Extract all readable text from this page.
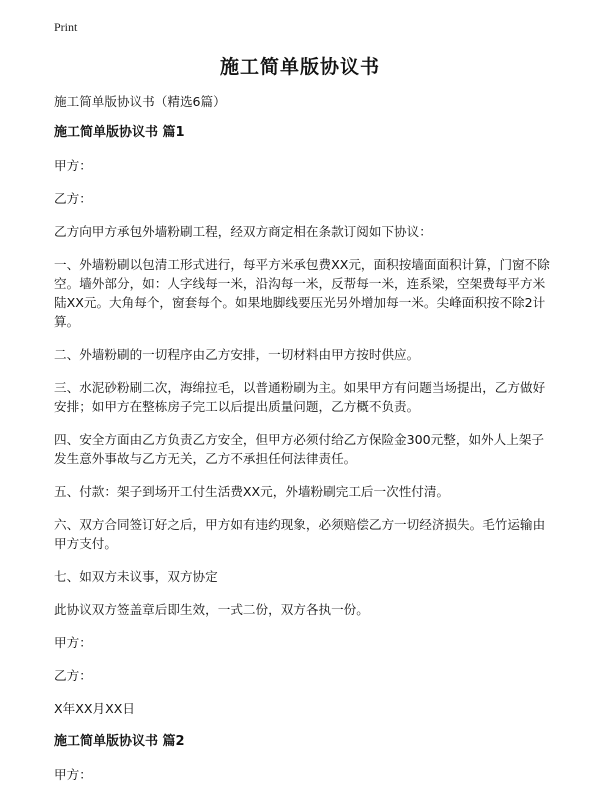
Print
施工简单版协议书

施工简单版协议书（精选6篇）

施工简单版协议书 篇1

甲方：

乙方：

乙方向甲方承包外墙粉刷工程，经双方商定相在条款订阅如下协议：

一、外墙粉刷以包清工形式进行，每平方米承包费XX元，面积按墙面面积计算，门窗不除空。墙外部分，如：人字线每一米，沿沟每一米，反帮每一米，连系梁，空架费每平方米陆XX元。大角每个，窗套每个。如果地脚线要压光另外增加每一米。尖峰面积按不除2计算。

二、外墙粉刷的一切程序由乙方安排，一切材料由甲方按时供应。

三、水泥砂粉刷二次，海绵拉毛，以普通粉刷为主。如果甲方有问题当场提出，乙方做好安排；如甲方在整栋房子完工以后提出质量问题，乙方概不负责。

四、安全方面由乙方负责乙方安全，但甲方必须付给乙方保险金300元整，如外人上架子发生意外事故与乙方无关，乙方不承担任何法律责任。

五、付款：架子到场开工付生活费XX元，外墙粉刷完工后一次性付清。

六、双方合同签订好之后，甲方如有违约现象，必须赔偿乙方一切经济损失。毛竹运输由甲方支付。

七、如双方未议事，双方协定

此协议双方签盖章后即生效，一式二份，双方各执一份。

甲方：

乙方：

X年XX月XX日

施工简单版协议书 篇2

甲方：
